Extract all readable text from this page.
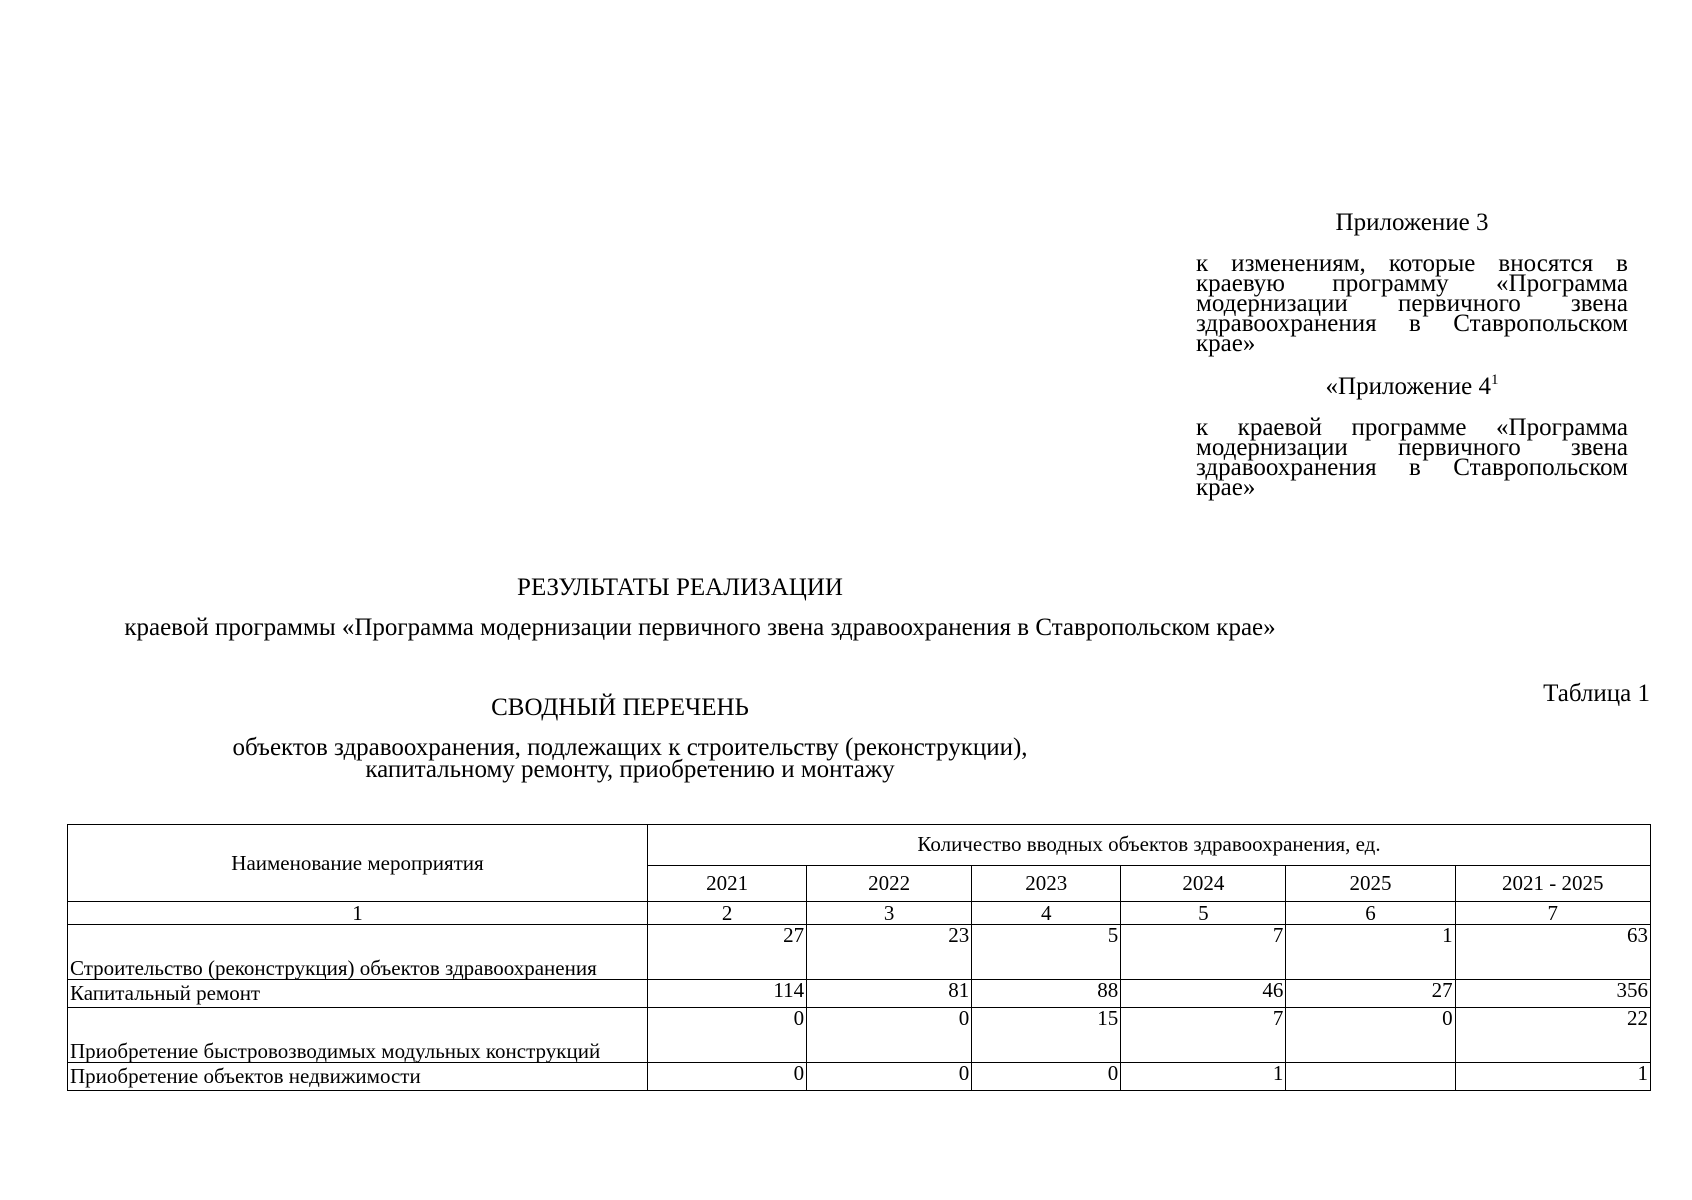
Приложение 3
к изменениям, которые вносятся в краевую программу «Программа модернизации первичного звена здравоохранения в Ставропольском крае»
«Приложение $4^1$
к краевой программе «Программа модернизации первичного звена здравоохранения в Ставропольском крае»
РЕЗУЛЬТАТЫ РЕАЛИЗАЦИИ
краевой программы «Программа модернизации первичного звена здравоохранения в Ставропольском крае»
Таблица 1
СВОДНЫЙ ПЕРЕЧЕНЬ
объектов здравоохранения, подлежащих к строительству (реконструкции),
капитальному ремонту, приобретению и монтажу
Наименование мероприятия	Количество вводных объектов здравоохранения, ед.					
	2021	2022	2023	2024	2025	2021 - 2025
1	2	3	4	5	6	7
Строительство (реконструкция) объектов здравоохранения	27	23	5	7	1	63
Капитальный ремонт	114	81	88	46	27	356
Приобретение быстровозводимых модульных конструкций	0	0	15	7	0	22
Приобретение объектов недвижимости	0	0	0	1		1
